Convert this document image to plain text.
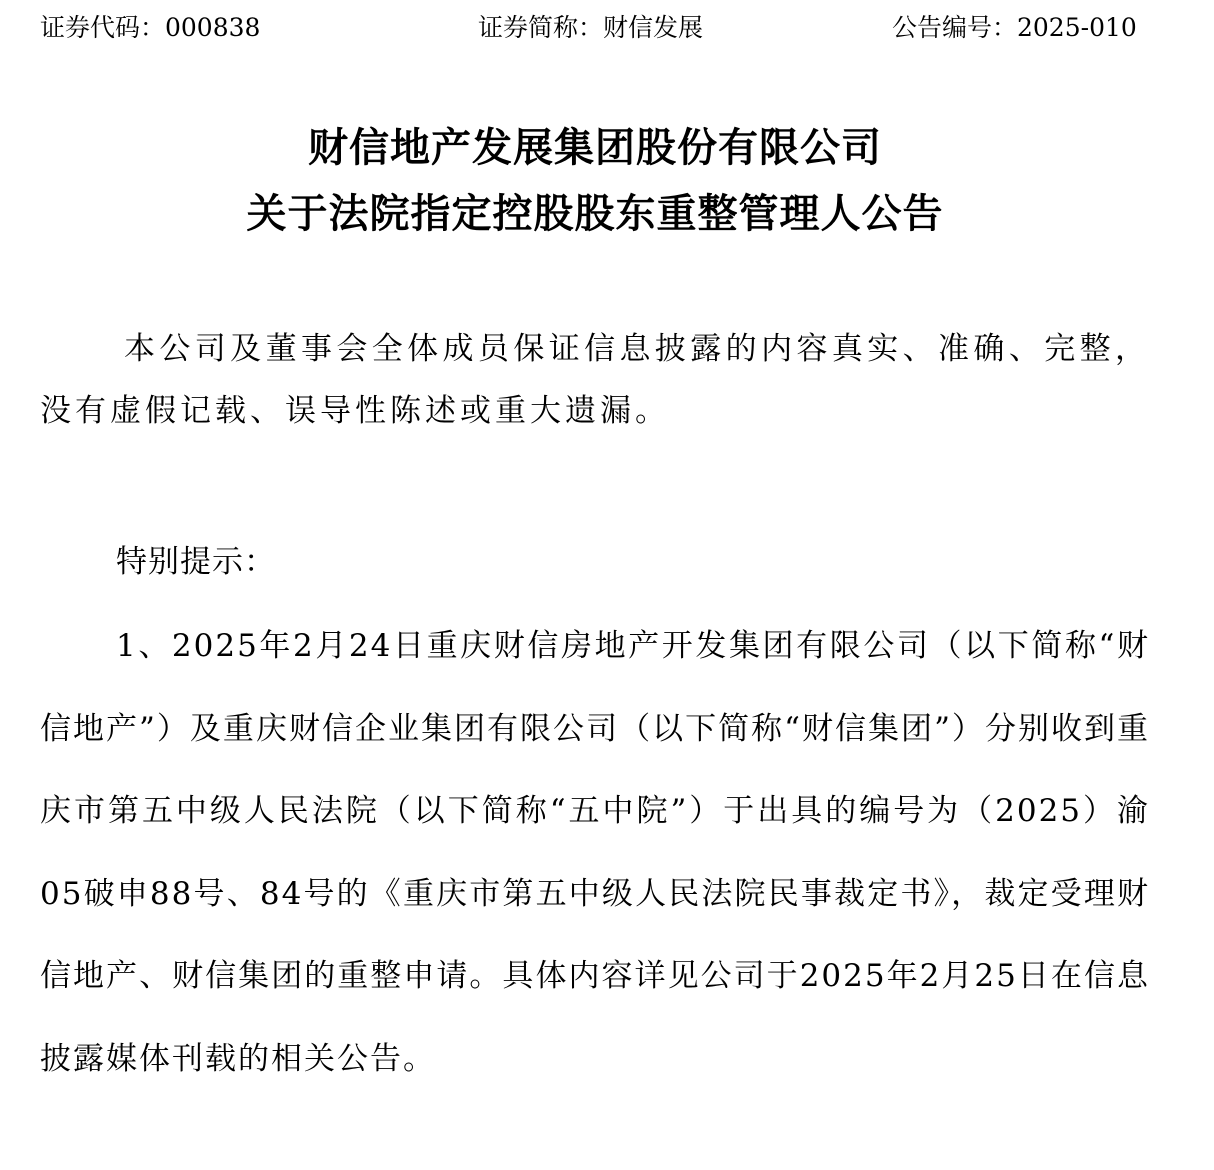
证券代码：000838	证券简称：财信发展	公告编号：2025-010
财信地产发展集团股份有限公司
关于法院指定控股股东重整管理人公告

本公司及董事会全体成员保证信息披露的内容真实、准确、完整，没有虚假记载、误导性陈述或重大遗漏。

特别提示：

1、2025年2月24日重庆财信房地产开发集团有限公司（以下简称“财信地产”）及重庆财信企业集团有限公司（以下简称“财信集团”）分别收到重庆市第五中级人民法院（以下简称“五中院”）于出具的编号为（2025）渝05破申88号、84号的《重庆市第五中级人民法院民事裁定书》，裁定受理财信地产、财信集团的重整申请。具体内容详见公司于2025年2月25日在信息披露媒体刊载的相关公告。
